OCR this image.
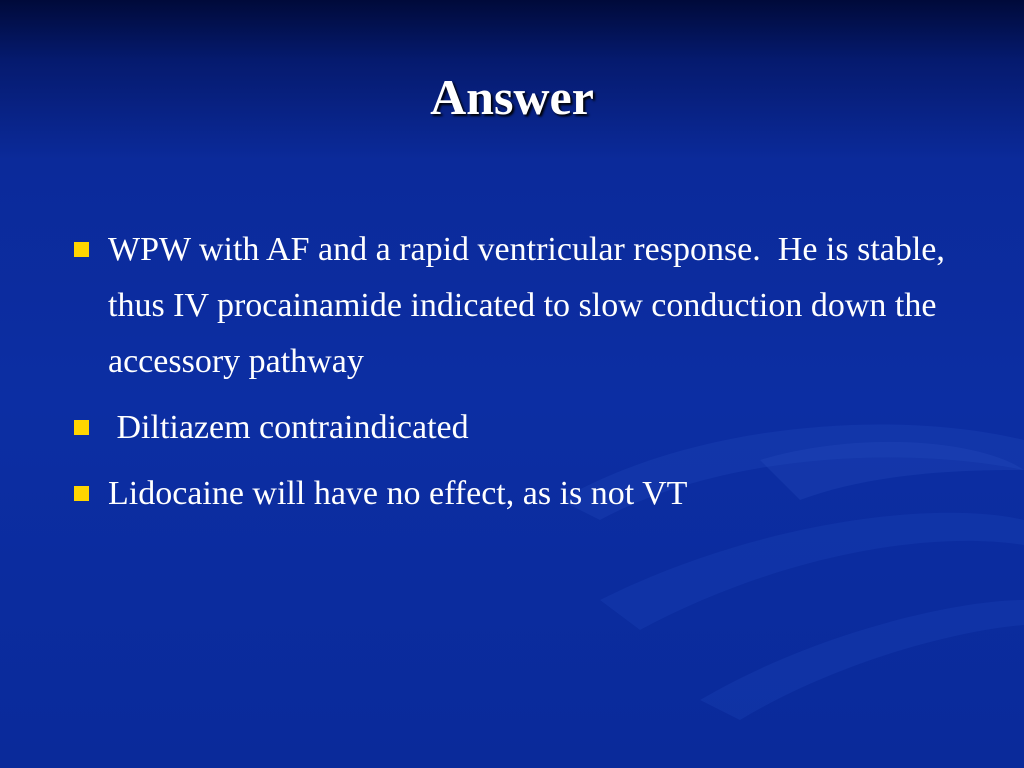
Answer
WPW with AF and a rapid ventricular response.  He is stable, thus IV procainamide indicated to slow conduction down the accessory pathway
Diltiazem contraindicated
Lidocaine will have no effect, as is not VT
